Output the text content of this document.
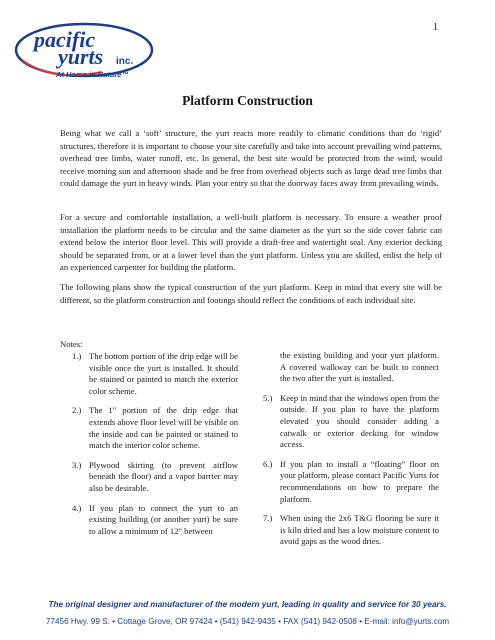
1
pacific
yurts inc.
At Home in Nature™
Platform Construction

Being what we call a ‘soft’ structure, the yurt reacts more readily to climatic conditions than do ‘rigid’ structures, therefore it is important to choose your site carefully and take into account prevailing wind patterns, overhead tree limbs, water runoff, etc. In general, the best site would be protected from the wind, would receive morning sun and afternoon shade and be free from overhead objects such as large dead tree limbs that could damage the yurt in heavy winds. Plan your entry so that the doorway faces away from prevailing winds.

For a secure and comfortable installation, a well-built platform is necessary. To ensure a weather proof installation the platform needs to be circular and the same diameter as the yurt so the side cover fabric can extend below the interior floor level. This will provide a draft-free and watertight seal. Any exterior decking should be separated from, or at a lower level than the yurt platform. Unless you are skilled, enlist the help of an experienced carpenter for building the platform.

The following plans show the typical construction of the yurt platform. Keep in mind that every site will be different, so the platform construction and footings should reflect the conditions of each individual site.

Notes:
1.) The bottom portion of the drip edge will be visible once the yurt is installed. It should be stained or painted to match the exterior color scheme.
2.) The 1" portion of the drip edge that extends above floor level will be visible on the inside and can be painted or stained to match the interior color scheme.
3.) Plywood skirting (to prevent airflow beneath the floor) and a vapor barrier may also be desirable.
4.) If you plan to connect the yurt to an existing building (or another yurt) be sure to allow a minimum of 12" between
the existing building and your yurt platform. A covered walkway can be built to connect the two after the yurt is installed.
5.) Keep in mind that the windows open from the outside. If you plan to have the platform elevated you should consider adding a catwalk or exterior decking for window access.
6.) If you plan to install a “floating” floor on your platform, please contact Pacific Yurts for recommendations on how to prepare the platform.
7.) When using the 2x6 T&G flooring be sure it is kiln dried and has a low moisture content to avoid gaps as the wood dries.
The original designer and manufacturer of the modern yurt, leading in quality and service for 30 years.
77456 Hwy. 99 S. • Cottage Grove, OR 97424 • (541) 942-9435 • FAX (541) 942-0508 • E-mail: info@yurts.com
